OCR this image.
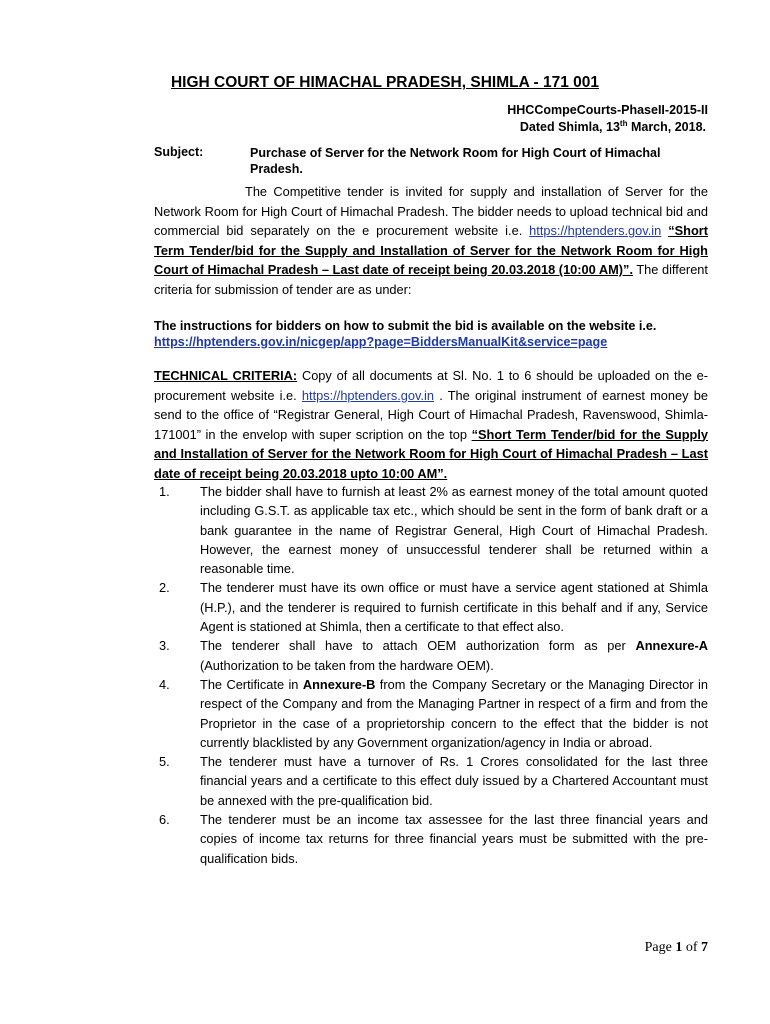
HIGH COURT OF HIMACHAL PRADESH, SHIMLA - 171 001
HHCCompeCourts-PhaseII-2015-II
Dated Shimla, 13th March, 2018.
Subject:	Purchase of Server for the Network Room for High Court of Himachal Pradesh.
The Competitive tender is invited for supply and installation of Server for the Network Room for High Court of Himachal Pradesh. The bidder needs to upload technical bid and commercial bid separately on the e procurement website i.e. https://hptenders.gov.in “Short Term Tender/bid for the Supply and Installation of Server for the Network Room for High Court of Himachal Pradesh – Last date of receipt being 20.03.2018 (10:00 AM)”. The different criteria for submission of tender are as under:
The instructions for bidders on how to submit the bid is available on the website i.e.
https://hptenders.gov.in/nicgep/app?page=BiddersManualKit&service=page
TECHNICAL CRITERIA: Copy of all documents at Sl. No. 1 to 6 should be uploaded on the e-procurement website i.e. https://hptenders.gov.in . The original instrument of earnest money be send to the office of “Registrar General, High Court of Himachal Pradesh, Ravenswood, Shimla-171001” in the envelop with super scription on the top “Short Term Tender/bid for the Supply and Installation of Server for the Network Room for High Court of Himachal Pradesh – Last date of receipt being 20.03.2018 upto 10:00 AM”.
1. The bidder shall have to furnish at least 2% as earnest money of the total amount quoted including G.S.T. as applicable tax etc., which should be sent in the form of bank draft or a bank guarantee in the name of Registrar General, High Court of Himachal Pradesh. However, the earnest money of unsuccessful tenderer shall be returned within a reasonable time.
2. The tenderer must have its own office or must have a service agent stationed at Shimla (H.P.), and the tenderer is required to furnish certificate in this behalf and if any, Service Agent is stationed at Shimla, then a certificate to that effect also.
3. The tenderer shall have to attach OEM authorization form as per Annexure-A (Authorization to be taken from the hardware OEM).
4. The Certificate in Annexure-B from the Company Secretary or the Managing Director in respect of the Company and from the Managing Partner in respect of a firm and from the Proprietor in the case of a proprietorship concern to the effect that the bidder is not currently blacklisted by any Government organization/agency in India or abroad.
5. The tenderer must have a turnover of Rs. 1 Crores consolidated for the last three financial years and a certificate to this effect duly issued by a Chartered Accountant must be annexed with the pre-qualification bid.
6. The tenderer must be an income tax assessee for the last three financial years and copies of income tax returns for three financial years must be submitted with the pre-qualification bids.
Page 1 of 7
